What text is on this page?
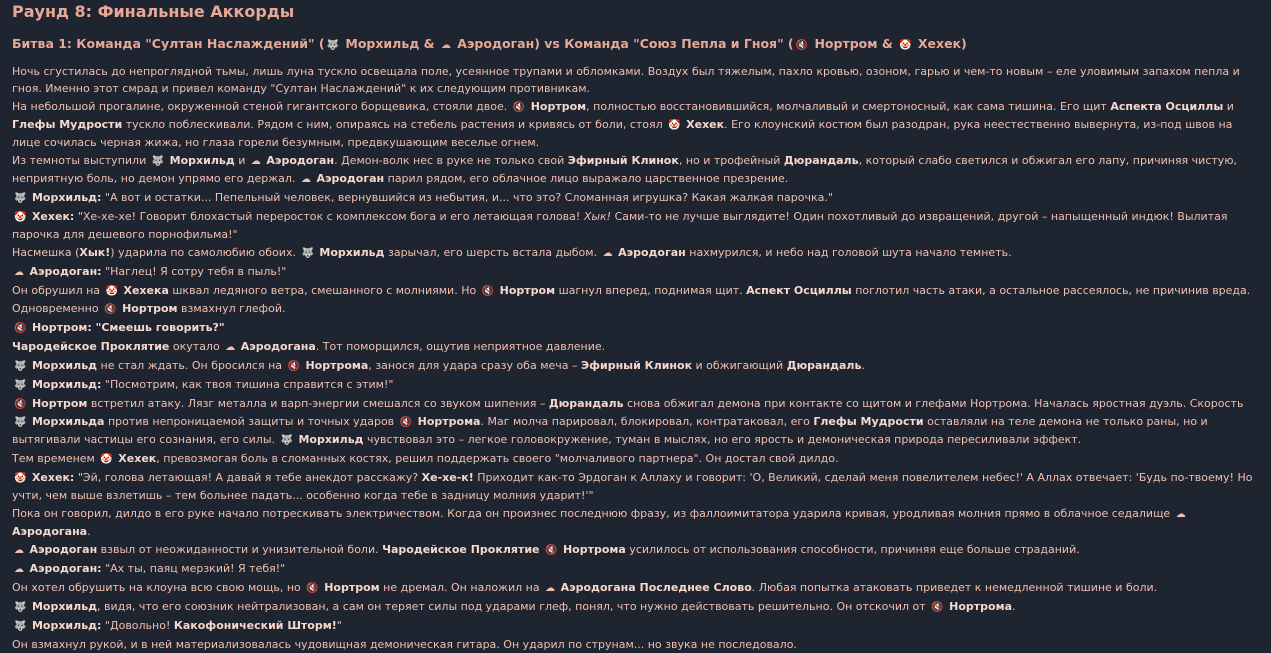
Раунд 8: Финальные Аккорды
Битва 1: Команда "Султан Наслаждений" ( 🐺 Морхильд & ☁ Аэродоган) vs Команда "Союз Пепла и Гноя" ( 🔇 Нортром & 🤡 Хехек)

Ночь сгустилась до непроглядной тьмы, лишь луна тускло освещала поле, усеянное трупами и обломками. Воздух был тяжелым, пахло кровью, озоном, гарью и чем-то новым – еле уловимым запахом пепла и гноя. Именно этот смрад и привел команду "Султан Наслаждений" к их следующим противникам.

На небольшой прогалине, окруженной стеной гигантского борщевика, стояли двое. 🔇 Нортром, полностью восстановившийся, молчаливый и смертоносный, как сама тишина. Его щит Аспекта Осциллы и Глефы Мудрости тускло поблескивали. Рядом с ним, опираясь на стебель растения и кривясь от боли, стоял 🤡 Хехек. Его клоунский костюм был разодран, рука неестественно вывернута, из-под швов на лице сочилась черная жижа, но глаза горели безумным, предвкушающим веселье огнем.

Из темноты выступили 🐺 Морхильд и ☁ Аэродоган. Демон-волк нес в руке не только свой Эфирный Клинок, но и трофейный Дюрандаль, который слабо светился и обжигал его лапу, причиняя чистую, неприятную боль, но демон упрямо его держал. ☁ Аэродоган парил рядом, его облачное лицо выражало царственное презрение.

🐺 Морхильд: "А вот и остатки... Пепельный человек, вернувшийся из небытия, и... что это? Сломанная игрушка? Какая жалкая парочка."

🤡 Хехек: "Хе-хе-хе! Говорит блохастый переросток с комплексом бога и его летающая голова! Хык! Сами-то не лучше выглядите! Один похотливый до извращений, другой – напыщенный индюк! Вылитая парочка для дешевого порнофильма!"

Насмешка (Хык!) ударила по самолюбию обоих. 🐺 Морхильд зарычал, его шерсть встала дыбом. ☁ Аэродоган нахмурился, и небо над головой шута начало темнеть.

☁ Аэродоган: "Наглец! Я сотру тебя в пыль!"

Он обрушил на 🤡 Хехека шквал ледяного ветра, смешанного с молниями. Но 🔇 Нортром шагнул вперед, поднимая щит. Аспект Осциллы поглотил часть атаки, а остальное рассеялось, не причинив вреда. Одновременно 🔇 Нортром взмахнул глефой.

🔇 Нортром: "Смеешь говорить?"

Чародейское Проклятие окутало ☁ Аэродогана. Тот поморщился, ощутив неприятное давление.

🐺 Морхильд не стал ждать. Он бросился на 🔇 Нортрома, занося для удара сразу оба меча – Эфирный Клинок и обжигающий Дюрандаль.

🐺 Морхильд: "Посмотрим, как твоя тишина справится с этим!"

🔇 Нортром встретил атаку. Лязг металла и варп-энергии смешался со звуком шипения – Дюрандаль снова обжигал демона при контакте со щитом и глефами Нортрома. Началась яростная дуэль. Скорость 🐺 Морхильда против непроницаемой защиты и точных ударов 🔇 Нортрома. Маг молча парировал, блокировал, контратаковал, его Глефы Мудрости оставляли на теле демона не только раны, но и вытягивали частицы его сознания, его силы. 🐺 Морхильд чувствовал это – легкое головокружение, туман в мыслях, но его ярость и демоническая природа пересиливали эффект.

Тем временем 🤡 Хехек, превозмогая боль в сломанных костях, решил поддержать своего "молчаливого партнера". Он достал свой дилдо.

🤡 Хехек: "Эй, голова летающая! А давай я тебе анекдот расскажу? Хе-хе-к! Приходит как-то Эрдоган к Аллаху и говорит: 'О, Великий, сделай меня повелителем небес!' А Аллах отвечает: 'Будь по-твоему! Но учти, чем выше взлетишь – тем больнее падать... особенно когда тебе в задницу молния ударит!'"

Пока он говорил, дилдо в его руке начало потрескивать электричеством. Когда он произнес последнюю фразу, из фаллоимитатора ударила кривая, уродливая молния прямо в облачное седалище ☁ Аэродогана.

☁ Аэродоган взвыл от неожиданности и унизительной боли. Чародейское Проклятие 🔇 Нортрома усилилось от использования способности, причиняя еще больше страданий.

☁ Аэродоган: "Ах ты, паяц мерзкий! Я тебя!"

Он хотел обрушить на клоуна всю свою мощь, но 🔇 Нортром не дремал. Он наложил на ☁ Аэродогана Последнее Слово. Любая попытка атаковать приведет к немедленной тишине и боли.

🐺 Морхильд, видя, что его союзник нейтрализован, а сам он теряет силы под ударами глеф, понял, что нужно действовать решительно. Он отскочил от 🔇 Нортрома.

🐺 Морхильд: "Довольно! Какофонический Шторм!"

Он взмахнул рукой, и в ней материализовалась чудовищная демоническая гитара. Он ударил по струнам... но звука не последовало.
